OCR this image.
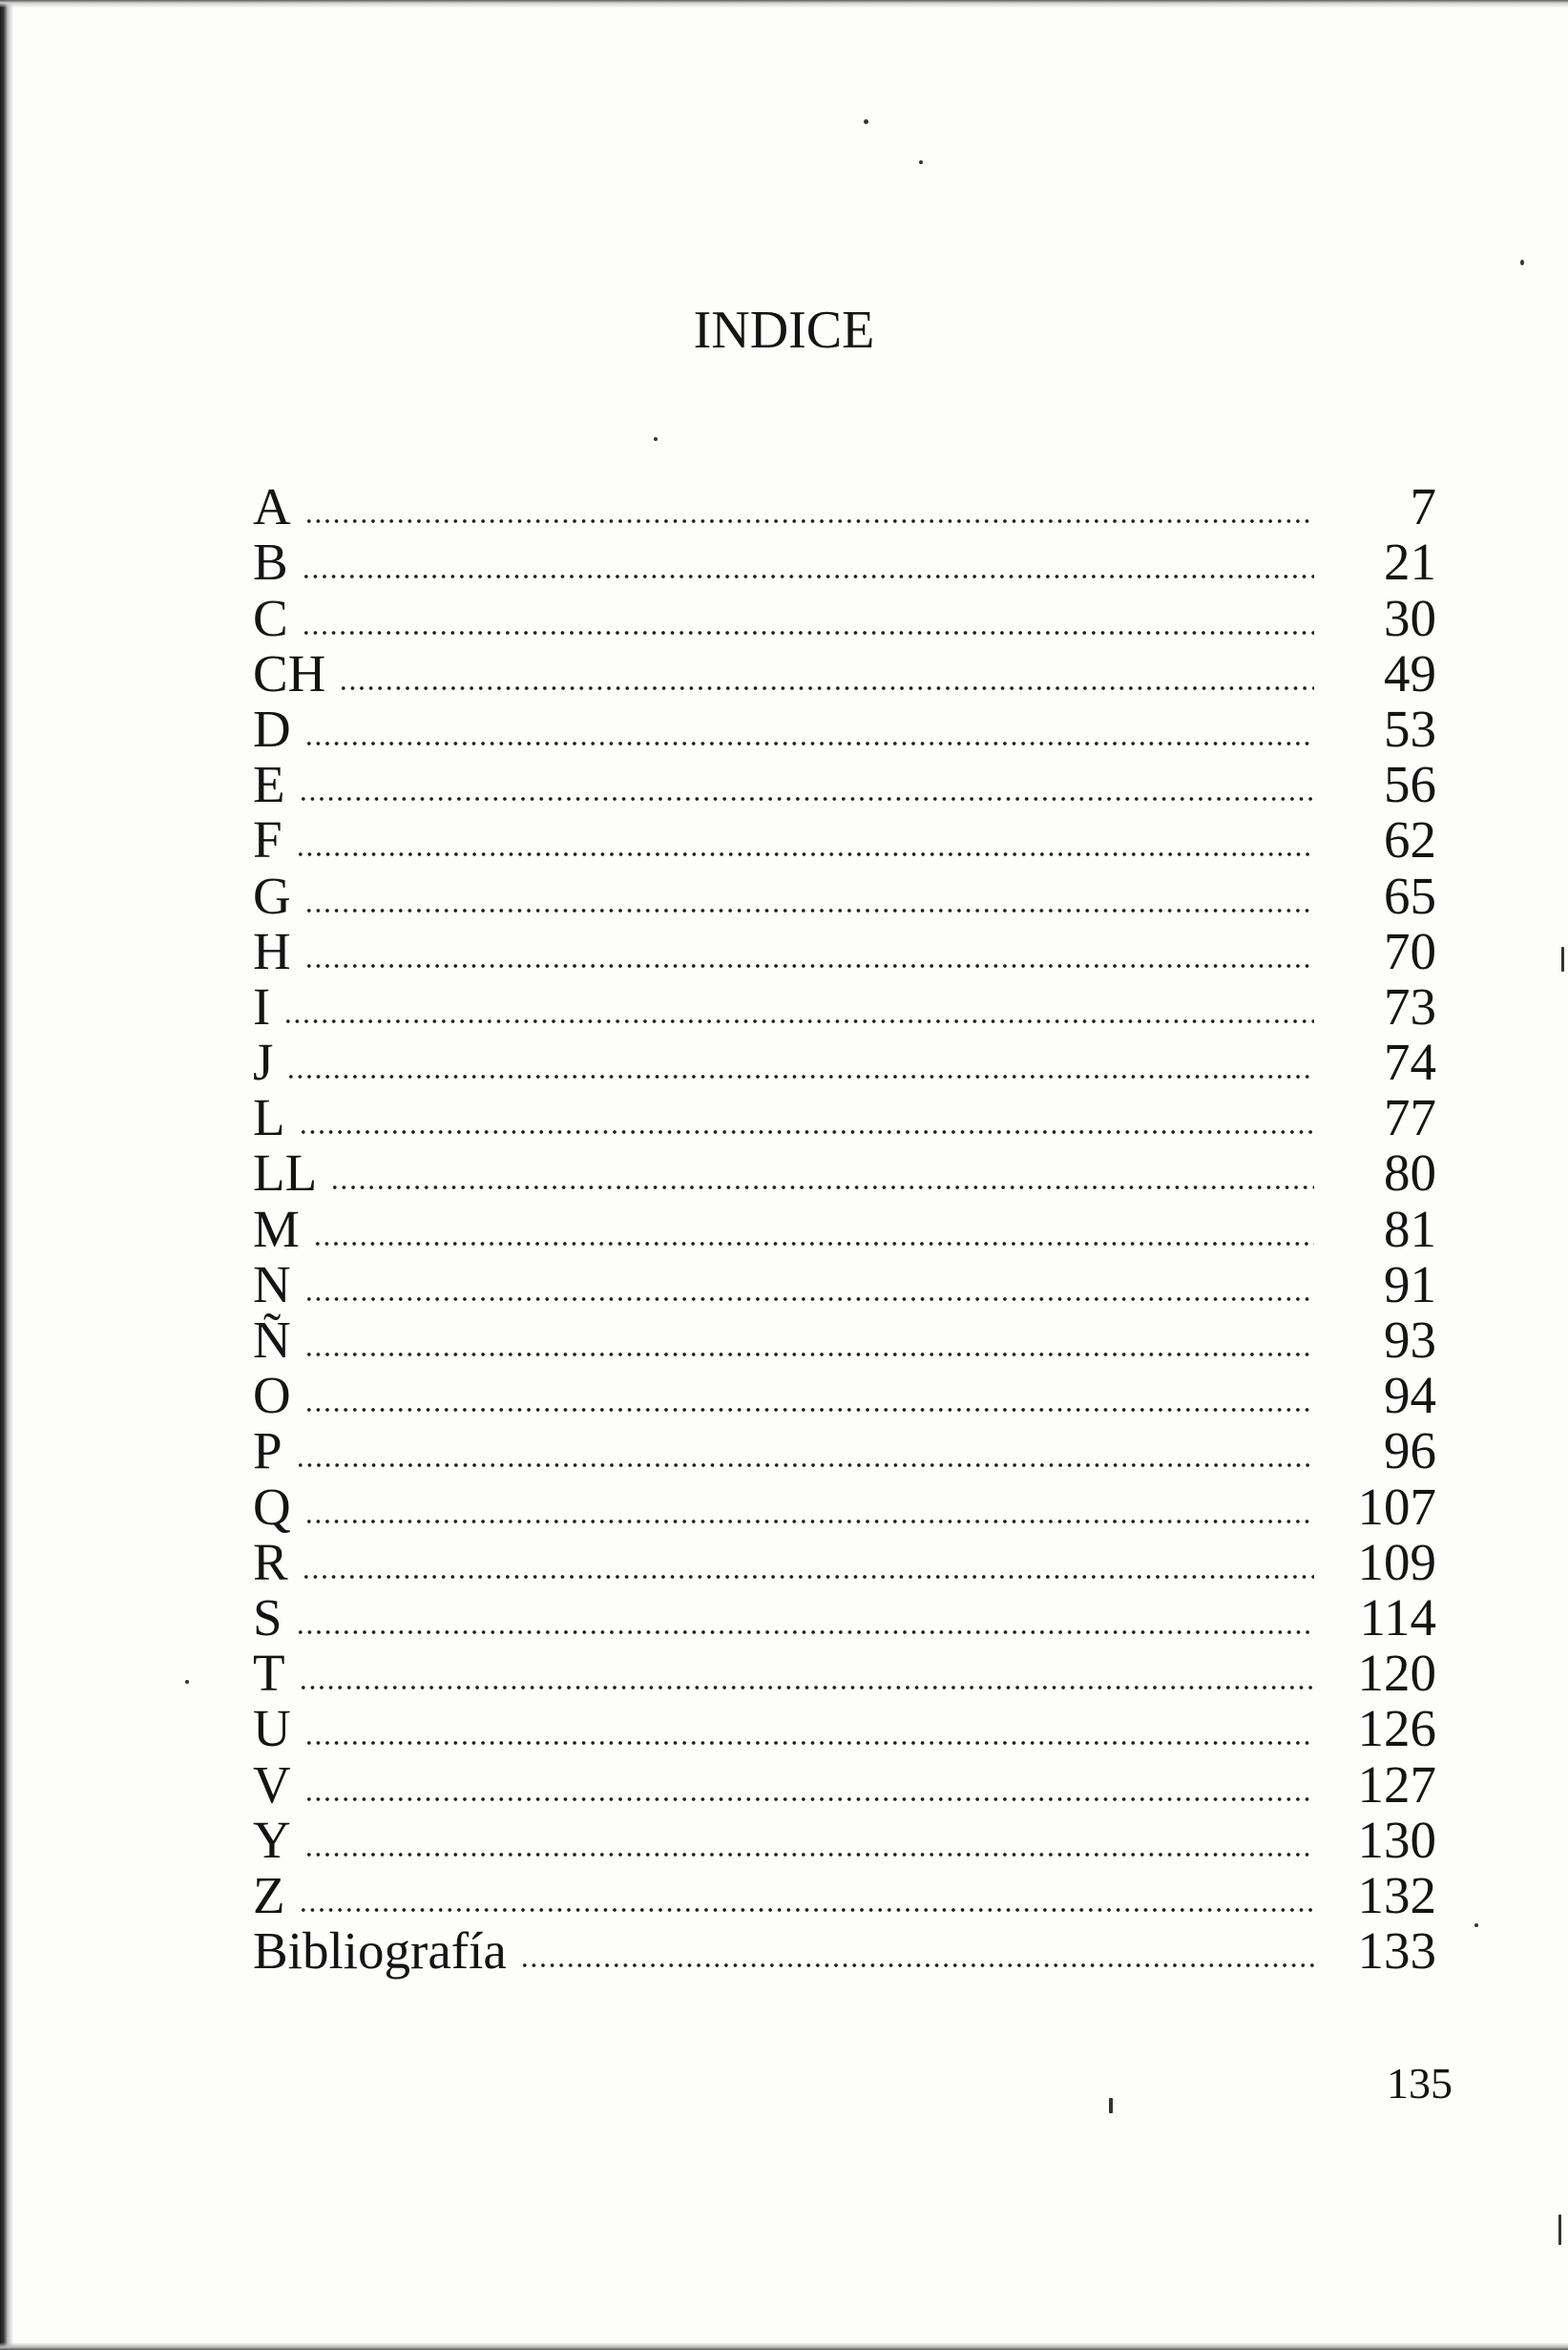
INDICE
A	7
B	21
C	30
CH	49
D	53
E	56
F	62
G	65
H	70
I	73
J	74
L	77
LL	80
M	81
N	91
Ñ	93
O	94
P	96
Q	107
R	109
S	114
T	120
U	126
V	127
Y	130
Z	132
Bibliografía	133
135
